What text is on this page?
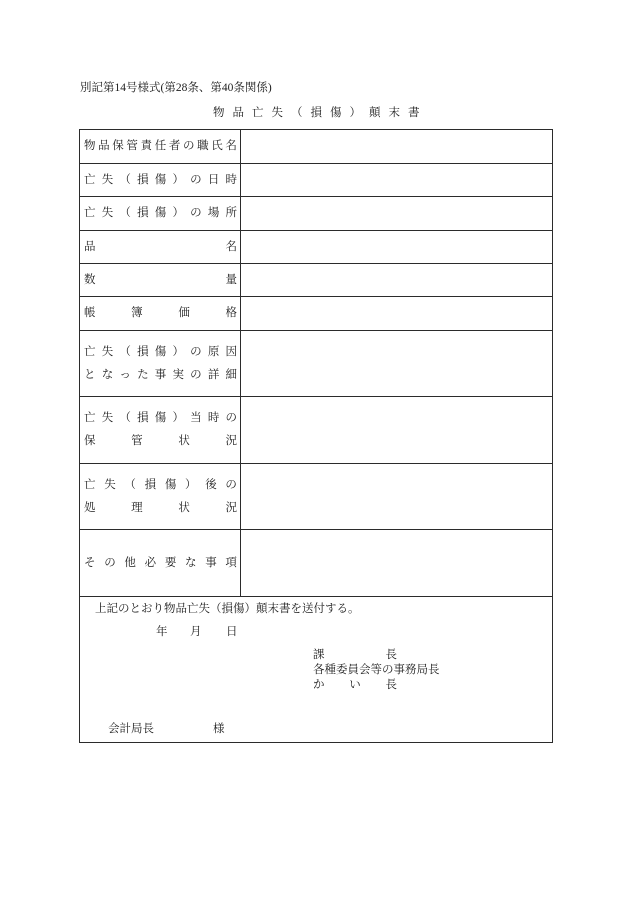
別記第14号様式(第28条、第40条関係)
物品亡失（損傷）顛末書
物 品 保 管 責 任 者 の 職 氏 名
亡 失 （ 損 傷 ） の 日 時
亡 失 （ 損 傷 ） の 場 所
品	名
数	量
帳	簿	価	格
亡 失 （ 損 傷 ） の 原 因
と な っ た 事 実 の 詳 細
亡 失 （ 損 傷 ） 当 時 の
保	管	状	況
亡 失 （ 損 傷 ） 後 の
処	理	状	況
そ の 他 必 要 な 事 項
上記のとおり物品亡失（損傷）顛末書を送付する。
年 月 日
課	長
各種委員会等の事務局長
か い 長
会計局長	様
